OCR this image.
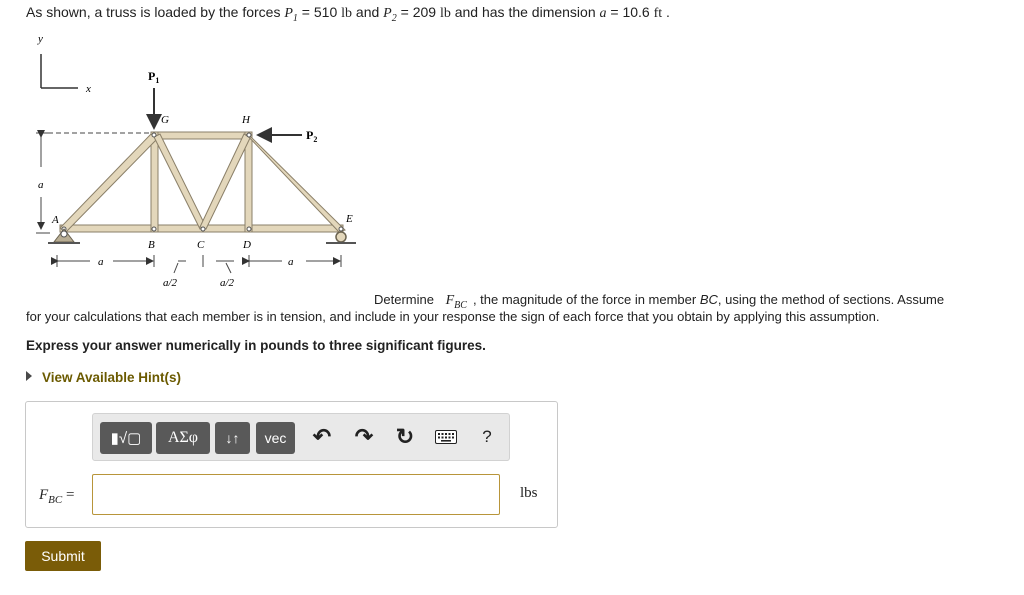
As shown, a truss is loaded by the forces $P_1 = 510$ lb and $P_2 = 209$ lb and has the dimension a = 10.6 ft .
y
x
a
$P_1$
$P_2$
G	H
A
B	C	D
E
a	a
a/2	a/2
Determine $F_{BC}$ , the magnitude of the force in member BC, using the method of sections. Assume
for your calculations that each member is in tension, and include in your response the sign of each force that you obtain by applying this assumption.
Express your answer numerically in pounds to three significant figures.
View Available Hint(s)
▮√▢ ΑΣφ ↓↑ vec ↶ ↷ ↻	?
$F_{BC}$ =	lbs
Submit
